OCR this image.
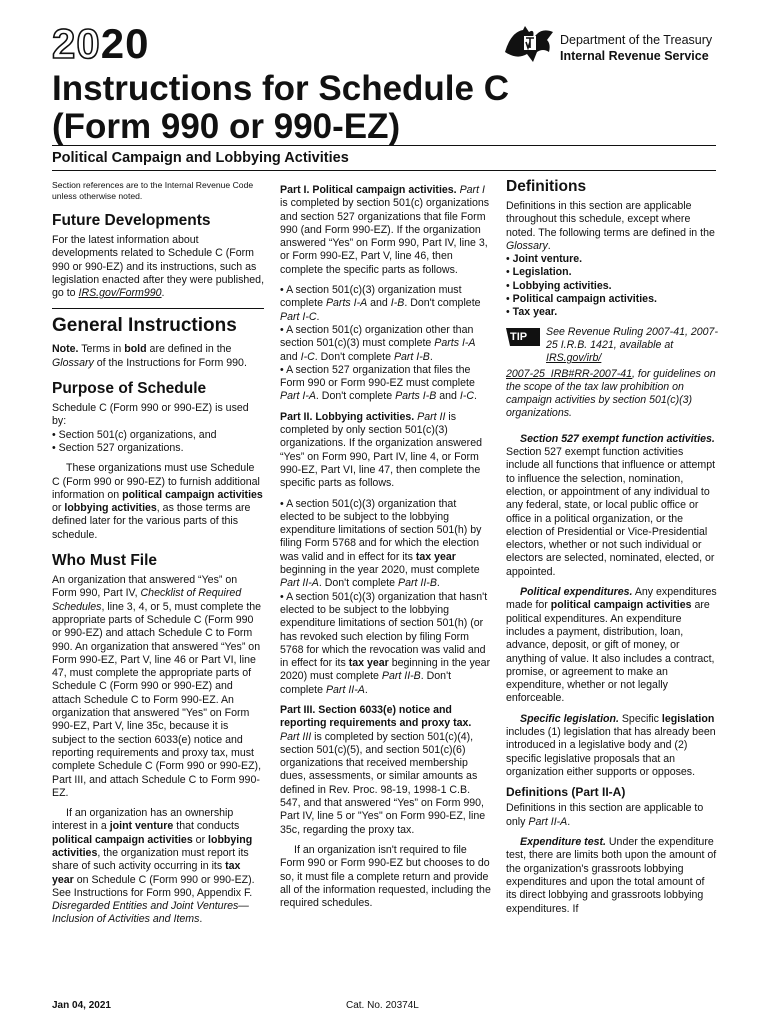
2020	Department of the Treasury
Internal Revenue Service
Instructions for Schedule C
(Form 990 or 990-EZ)
Political Campaign and Lobbying Activities

Section references are to the Internal Revenue Code unless otherwise noted.

Future Developments

For the latest information about developments related to Schedule C (Form 990 or 990-EZ) and its instructions, such as legislation enacted after they were published, go to IRS.gov/Form990.

General Instructions

Note. Terms in bold are defined in the Glossary of the Instructions for Form 990.

Purpose of Schedule

Schedule C (Form 990 or 990-EZ) is used by:

• Section 501(c) organizations, and
• Section 527 organizations.

These organizations must use Schedule C (Form 990 or 990-EZ) to furnish additional information on political campaign activities or lobbying activities, as those terms are defined later for the various parts of this schedule.

Who Must File

An organization that answered “Yes” on Form 990, Part IV, Checklist of Required Schedules, line 3, 4, or 5, must complete the appropriate parts of Schedule C (Form 990 or 990-EZ) and attach Schedule C to Form 990. An organization that answered “Yes” on Form 990-EZ, Part V, line 46 or Part VI, line 47, must complete the appropriate parts of Schedule C (Form 990 or 990-EZ) and attach Schedule C to Form 990-EZ. An organization that answered "Yes" on Form 990-EZ, Part V, line 35c, because it is subject to the section 6033(e) notice and reporting requirements and proxy tax, must complete Schedule C (Form 990 or 990-EZ), Part III, and attach Schedule C to Form 990-EZ.

If an organization has an ownership interest in a joint venture that conducts political campaign activities or lobbying activities, the organization must report its share of such activity occurring in its tax year on Schedule C (Form 990 or 990-EZ). See Instructions for Form 990, Appendix F. Disregarded Entities and Joint Ventures—Inclusion of Activities and Items.

Part I. Political campaign activities. Part I is completed by section 501(c) organizations and section 527 organizations that file Form 990 (and Form 990-EZ). If the organization answered “Yes” on Form 990, Part IV, line 3, or Form 990-EZ, Part V, line 46, then complete the specific parts as follows.

• A section 501(c)(3) organization must complete Parts I-A and I-B. Don't complete Part I-C.
• A section 501(c) organization other than section 501(c)(3) must complete Parts I-A and I-C. Don't complete Part I-B.
• A section 527 organization that files the Form 990 or Form 990-EZ must complete Part I-A. Don't complete Parts I-B and I-C.

Part II. Lobbying activities. Part II is completed by only section 501(c)(3) organizations. If the organization answered “Yes” on Form 990, Part IV, line 4, or Form 990-EZ, Part VI, line 47, then complete the specific parts as follows.

• A section 501(c)(3) organization that elected to be subject to the lobbying expenditure limitations of section 501(h) by filing Form 5768 and for which the election was valid and in effect for its tax year beginning in the year 2020, must complete Part II-A. Don't complete Part II-B.
• A section 501(c)(3) organization that hasn't elected to be subject to the lobbying expenditure limitations of section 501(h) (or has revoked such election by filing Form 5768 for which the revocation was valid and in effect for its tax year beginning in the year 2020) must complete Part II-B. Don't complete Part II-A.

Part III. Section 6033(e) notice and reporting requirements and proxy tax. Part III is completed by section 501(c)(4), section 501(c)(5), and section 501(c)(6) organizations that received membership dues, assessments, or similar amounts as defined in Rev. Proc. 98-19, 1998-1 C.B. 547, and that answered “Yes” on Form 990, Part IV, line 5 or "Yes" on Form 990-EZ, line 35c, regarding the proxy tax.

If an organization isn't required to file Form 990 or Form 990-EZ but chooses to do so, it must file a complete return and provide all of the information requested, including the required schedules.

Definitions

Definitions in this section are applicable throughout this schedule, except where noted. The following terms are defined in the Glossary.

• Joint venture.
• Legislation.
• Lobbying activities.
• Political campaign activities.
• Tax year.
TIP See Revenue Ruling 2007-41, 2007-25 I.R.B. 1421, available at IRS.gov/irb/

2007-25_IRB#RR-2007-41, for guidelines on the scope of the tax law prohibition on campaign activities by section 501(c)(3) organizations.

Section 527 exempt function activities. Section 527 exempt function activities include all functions that influence or attempt to influence the selection, nomination, election, or appointment of any individual to any federal, state, or local public office or office in a political organization, or the election of Presidential or Vice-Presidential electors, whether or not such individual or electors are selected, nominated, elected, or appointed.

Political expenditures. Any expenditures made for political campaign activities are political expenditures. An expenditure includes a payment, distribution, loan, advance, deposit, or gift of money, or anything of value. It also includes a contract, promise, or agreement to make an expenditure, whether or not legally enforceable.

Specific legislation. Specific legislation includes (1) legislation that has already been introduced in a legislative body and (2) specific legislative proposals that an organization either supports or opposes.

Definitions (Part II-A)

Definitions in this section are applicable to only Part II-A.

Expenditure test. Under the expenditure test, there are limits both upon the amount of the organization's grassroots lobbying expenditures and upon the total amount of its direct lobbying and grassroots lobbying expenditures. If

Jan 04, 2021	Cat. No. 20374L
